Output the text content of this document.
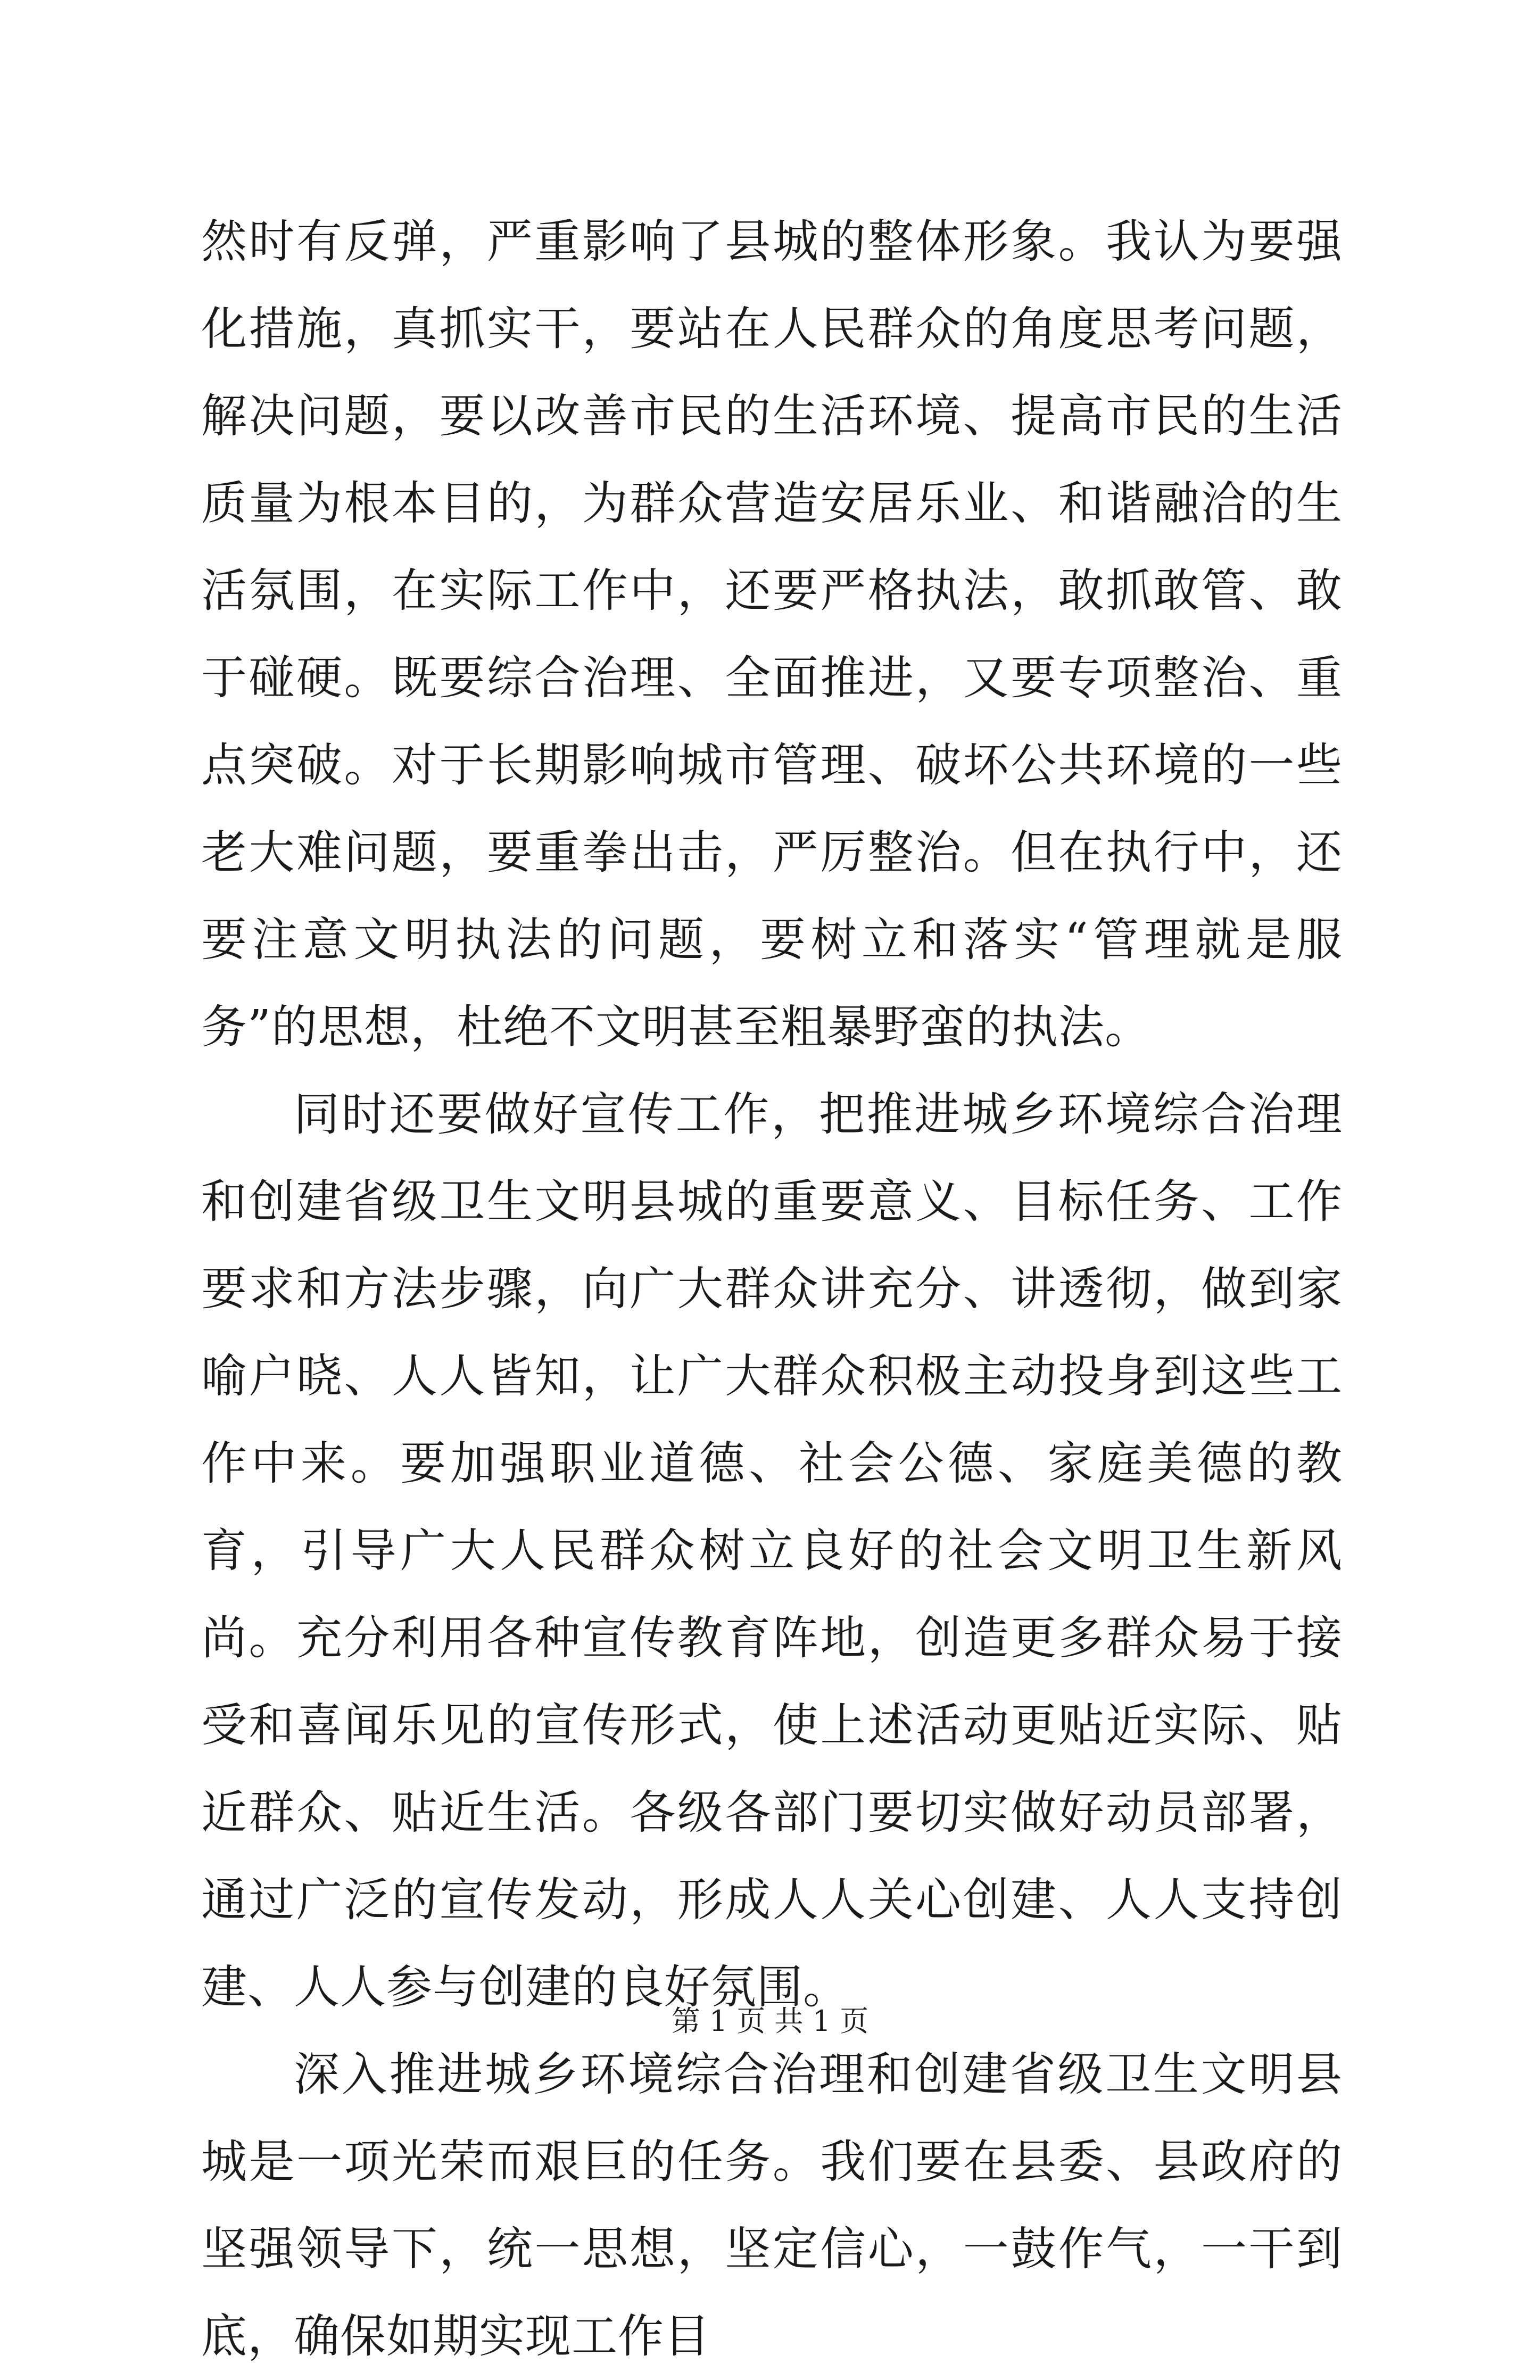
然时有反弹，严重影响了县城的整体形象。我认为要强化措施，真抓实干，要站在人民群众的角度思考问题，解决问题，要以改善市民的生活环境、提高市民的生活质量为根本目的，为群众营造安居乐业、和谐融洽的生活氛围，在实际工作中，还要严格执法，敢抓敢管、敢于碰硬。既要综合治理、全面推进，又要专项整治、重点突破。对于长期影响城市管理、破坏公共环境的一些老大难问题，要重拳出击，严厉整治。但在执行中，还要注意文明执法的问题，要树立和落实“管理就是服务”的思想，杜绝不文明甚至粗暴野蛮的执法。

同时还要做好宣传工作，把推进城乡环境综合治理和创建省级卫生文明县城的重要意义、目标任务、工作要求和方法步骤，向广大群众讲充分、讲透彻，做到家喻户晓、人人皆知，让广大群众积极主动投身到这些工作中来。要加强职业道德、社会公德、家庭美德的教育，引导广大人民群众树立良好的社会文明卫生新风尚。充分利用各种宣传教育阵地，创造更多群众易于接受和喜闻乐见的宣传形式，使上述活动更贴近实际、贴近群众、贴近生活。各级各部门要切实做好动员部署，通过广泛的宣传发动，形成人人关心创建、人人支持创建、人人参与创建的良好氛围。

深入推进城乡环境综合治理和创建省级卫生文明县城是一项光荣而艰巨的任务。我们要在县委、县政府的坚强领导下，统一思想，坚定信心，一鼓作气，一干到底，确保如期实现工作目

第 1 页 共 1 页
